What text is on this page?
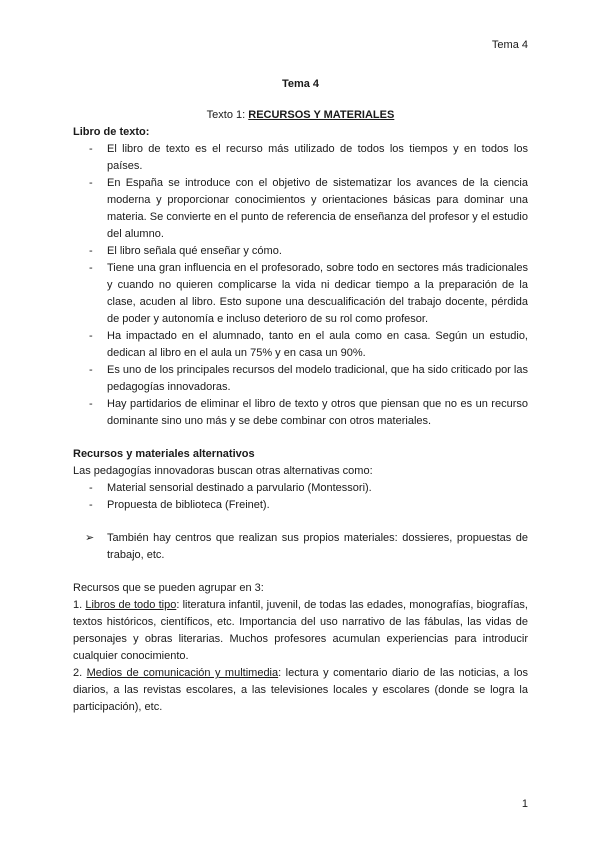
Tema 4

Tema 4

Texto 1: RECURSOS Y MATERIALES

Libro de texto:

- El libro de texto es el recurso más utilizado de todos los tiempos y en todos los países.
- En España se introduce con el objetivo de sistematizar los avances de la ciencia moderna y proporcionar conocimientos y orientaciones básicas para dominar una materia. Se convierte en el punto de referencia de enseñanza del profesor y el estudio del alumno.
- El libro señala qué enseñar y cómo.
- Tiene una gran influencia en el profesorado, sobre todo en sectores más tradicionales y cuando no quieren complicarse la vida ni dedicar tiempo a la preparación de la clase, acuden al libro. Esto supone una descualificación del trabajo docente, pérdida de poder y autonomía e incluso deterioro de su rol como profesor.
- Ha impactado en el alumnado, tanto en el aula como en casa. Según un estudio, dedican al libro en el aula un 75% y en casa un 90%.
- Es uno de los principales recursos del modelo tradicional, que ha sido criticado por las pedagogías innovadoras.
- Hay partidarios de eliminar el libro de texto y otros que piensan que no es un recurso dominante sino uno más y se debe combinar con otros materiales.

Recursos y materiales alternativos

Las pedagogías innovadoras buscan otras alternativas como:

- Material sensorial destinado a parvulario (Montessori).
- Propuesta de biblioteca (Freinet).
➢ También hay centros que realizan sus propios materiales: dossieres, propuestas de trabajo, etc.

Recursos que se pueden agrupar en 3:

1. Libros de todo tipo: literatura infantil, juvenil, de todas las edades, monografías, biografías, textos históricos, científicos, etc. Importancia del uso narrativo de las fábulas, las vidas de personajes y obras literarias. Muchos profesores acumulan experiencias para introducir cualquier conocimiento.

2. Medios de comunicación y multimedia: lectura y comentario diario de las noticias, a los diarios, a las revistas escolares, a las televisiones locales y escolares (donde se logra la participación), etc.

1
